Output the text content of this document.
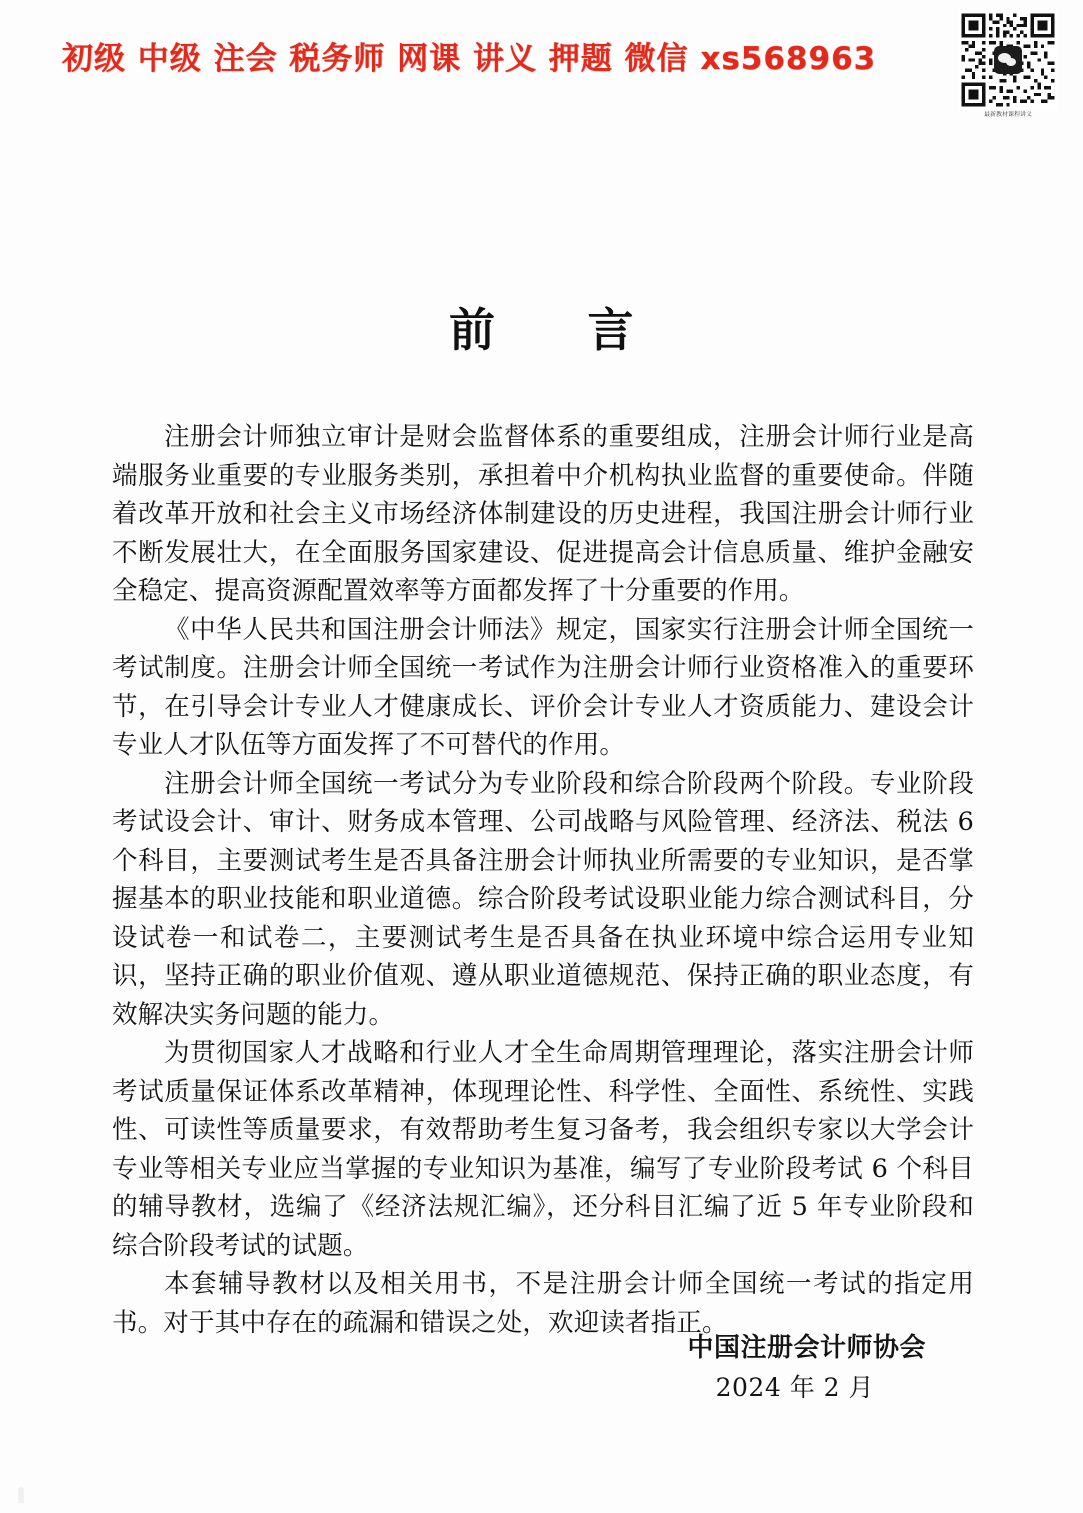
初级 中级 注会 税务师 网课 讲义 押题 微信 xs568963
最新教材课程讲义
前 言

注册会计师独立审计是财会监督体系的重要组成，注册会计师行业是高端服务业重要的专业服务类别，承担着中介机构执业监督的重要使命。伴随着改革开放和社会主义市场经济体制建设的历史进程，我国注册会计师行业不断发展壮大，在全面服务国家建设、促进提高会计信息质量、维护金融安全稳定、提高资源配置效率等方面都发挥了十分重要的作用。

《中华人民共和国注册会计师法》规定，国家实行注册会计师全国统一考试制度。注册会计师全国统一考试作为注册会计师行业资格准入的重要环节，在引导会计专业人才健康成长、评价会计专业人才资质能力、建设会计专业人才队伍等方面发挥了不可替代的作用。

注册会计师全国统一考试分为专业阶段和综合阶段两个阶段。专业阶段考试设会计、审计、财务成本管理、公司战略与风险管理、经济法、税法 6 个科目，主要测试考生是否具备注册会计师执业所需要的专业知识，是否掌握基本的职业技能和职业道德。综合阶段考试设职业能力综合测试科目，分设试卷一和试卷二，主要测试考生是否具备在执业环境中综合运用专业知识，坚持正确的职业价值观、遵从职业道德规范、保持正确的职业态度，有效解决实务问题的能力。

为贯彻国家人才战略和行业人才全生命周期管理理论，落实注册会计师考试质量保证体系改革精神，体现理论性、科学性、全面性、系统性、实践性、可读性等质量要求，有效帮助考生复习备考，我会组织专家以大学会计专业等相关专业应当掌握的专业知识为基准，编写了专业阶段考试 6 个科目的辅导教材，选编了《经济法规汇编》，还分科目汇编了近 5 年专业阶段和综合阶段考试的试题。

本套辅导教材以及相关用书，不是注册会计师全国统一考试的指定用书。对于其中存在的疏漏和错误之处，欢迎读者指正。

中国注册会计师协会
2024 年 2 月
